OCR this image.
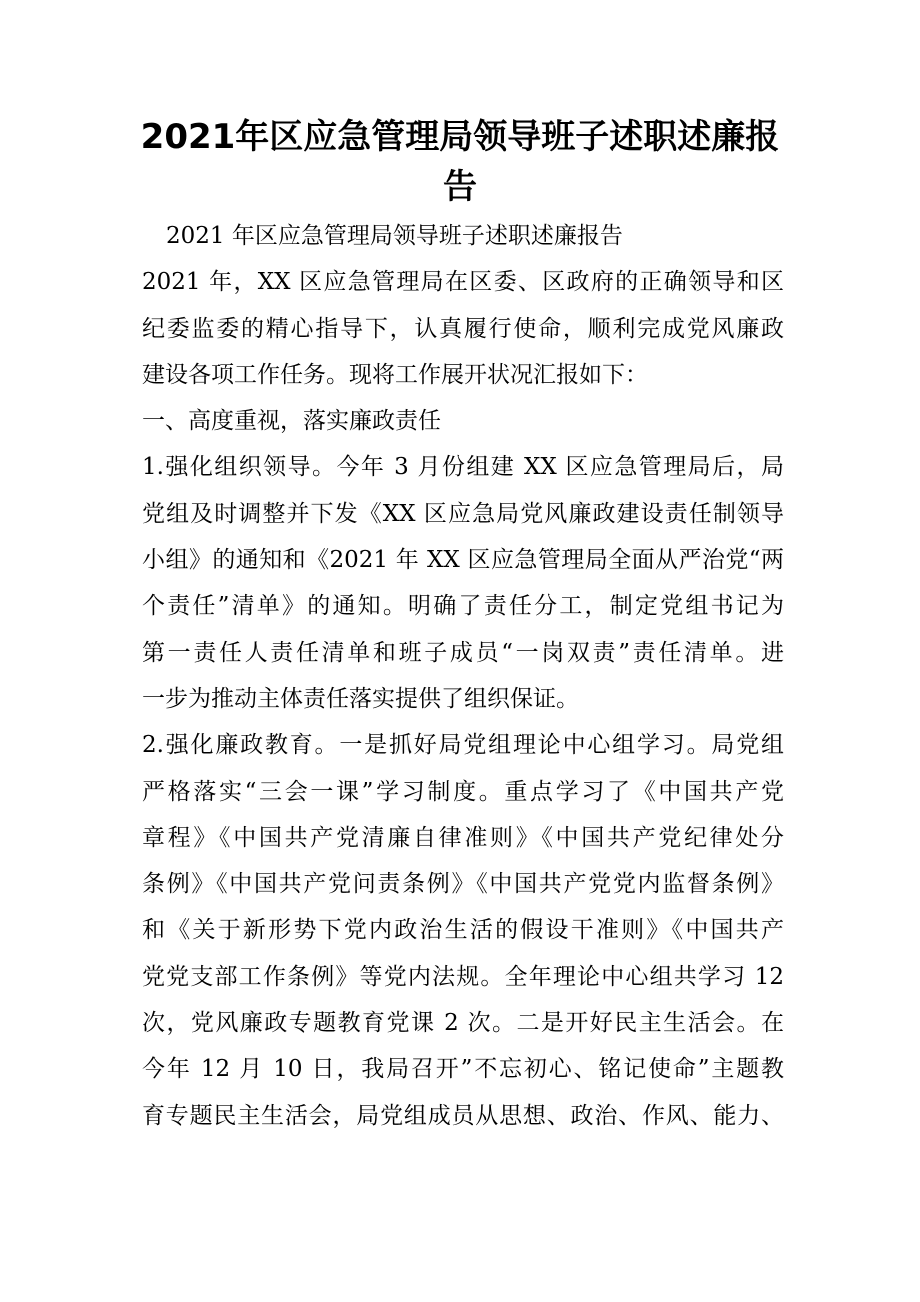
2021年区应急管理局领导班子述职述廉报
告
2021 年区应急管理局领导班子述职述廉报告
2021 年，XX 区应急管理局在区委、区政府的正确领导和区
纪委监委的精心指导下，认真履行使命，顺利完成党风廉政
建设各项工作任务。现将工作展开状况汇报如下：
一、高度重视，落实廉政责任
1.强化组织领导。今年 3 月份组建 XX 区应急管理局后，局
党组及时调整并下发《XX 区应急局党风廉政建设责任制领导
小组》的通知和《2021 年 XX 区应急管理局全面从严治党“两
个责任”清单》的通知。明确了责任分工，制定党组书记为
第一责任人责任清单和班子成员“一岗双责”责任清单。进
一步为推动主体责任落实提供了组织保证。
2.强化廉政教育。一是抓好局党组理论中心组学习。局党组
严格落实“三会一课”学习制度。重点学习了《中国共产党
章程》《中国共产党清廉自律准则》《中国共产党纪律处分
条例》《中国共产党问责条例》《中国共产党党内监督条例》
和《关于新形势下党内政治生活的假设干准则》《中国共产
党党支部工作条例》等党内法规。全年理论中心组共学习 12
次，党风廉政专题教育党课 2 次。二是开好民主生活会。在
今年 12 月 10 日，我局召开”不忘初心、铭记使命”主题教
育专题民主生活会，局党组成员从思想、政治、作风、能力、
